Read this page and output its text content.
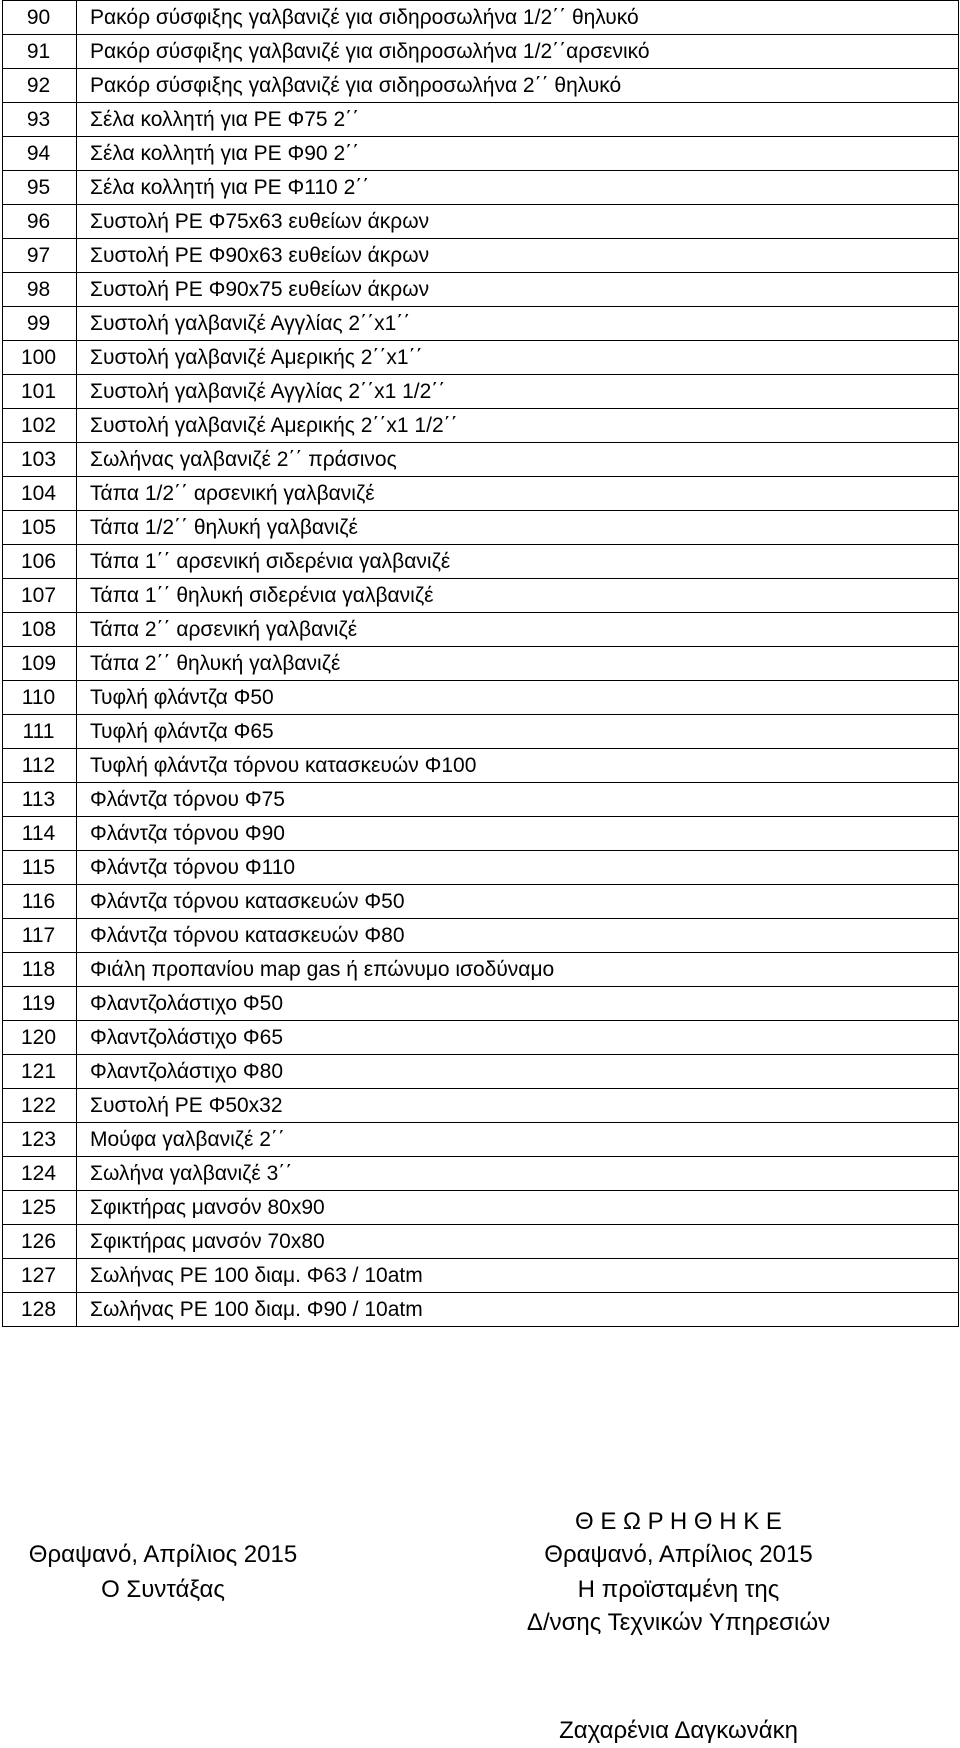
90	Ρακόρ σύσφιξης γαλβανιζέ για σιδηροσωλήνα 1/2΄΄ θηλυκό
91	Ρακόρ σύσφιξης γαλβανιζέ για σιδηροσωλήνα 1/2΄΄αρσενικό
92	Ρακόρ σύσφιξης γαλβανιζέ για σιδηροσωλήνα 2΄΄ θηλυκό
93	Σέλα κολλητή για PE Φ75 2΄΄
94	Σέλα κολλητή για PE Φ90 2΄΄
95	Σέλα κολλητή για PE Φ110 2΄΄
96	Συστολή PE Φ75x63 ευθείων άκρων
97	Συστολή PE Φ90x63 ευθείων άκρων
98	Συστολή PE Φ90x75 ευθείων άκρων
99	Συστολή γαλβανιζέ Αγγλίας 2΄΄x1΄΄
100	Συστολή γαλβανιζέ Αμερικής 2΄΄x1΄΄
101	Συστολή γαλβανιζέ Αγγλίας 2΄΄x1 1/2΄΄
102	Συστολή γαλβανιζέ Αμερικής 2΄΄x1 1/2΄΄
103	Σωλήνας γαλβανιζέ 2΄΄ πράσινος
104	Τάπα 1/2΄΄ αρσενική γαλβανιζέ
105	Τάπα 1/2΄΄ θηλυκή γαλβανιζέ
106	Τάπα 1΄΄ αρσενική σιδερένια γαλβανιζέ
107	Τάπα 1΄΄ θηλυκή σιδερένια γαλβανιζέ
108	Τάπα 2΄΄ αρσενική γαλβανιζέ
109	Τάπα 2΄΄ θηλυκή γαλβανιζέ
110	Τυφλή φλάντζα Φ50
111	Τυφλή φλάντζα Φ65
112	Τυφλή φλάντζα τόρνου κατασκευών Φ100
113	Φλάντζα τόρνου Φ75
114	Φλάντζα τόρνου Φ90
115	Φλάντζα τόρνου Φ110
116	Φλάντζα τόρνου κατασκευών Φ50
117	Φλάντζα τόρνου κατασκευών Φ80
118	Φιάλη προπανίου map gas ή επώνυμο ισοδύναμο
119	Φλαντζολάστιχο Φ50
120	Φλαντζολάστιχο Φ65
121	Φλαντζολάστιχο Φ80
122	Συστολή PE Φ50x32
123	Μούφα γαλβανιζέ 2΄΄
124	Σωλήνα γαλβανιζέ 3΄΄
125	Σφικτήρας μανσόν 80x90
126	Σφικτήρας μανσόν 70x80
127	Σωλήνας PE 100 διαμ. Φ63 / 10atm
128	Σωλήνας PE 100 διαμ. Φ90 / 10atm
Θραψανό, Απρίλιος 2015
Ο Συντάξας
Θ Ε Ω Ρ Η Θ Η Κ Ε
Θραψανό, Απρίλιος 2015
Η προϊσταμένη της
Δ/νσης Τεχνικών Υπηρεσιών
Ζαχαρένια Δαγκωνάκη
